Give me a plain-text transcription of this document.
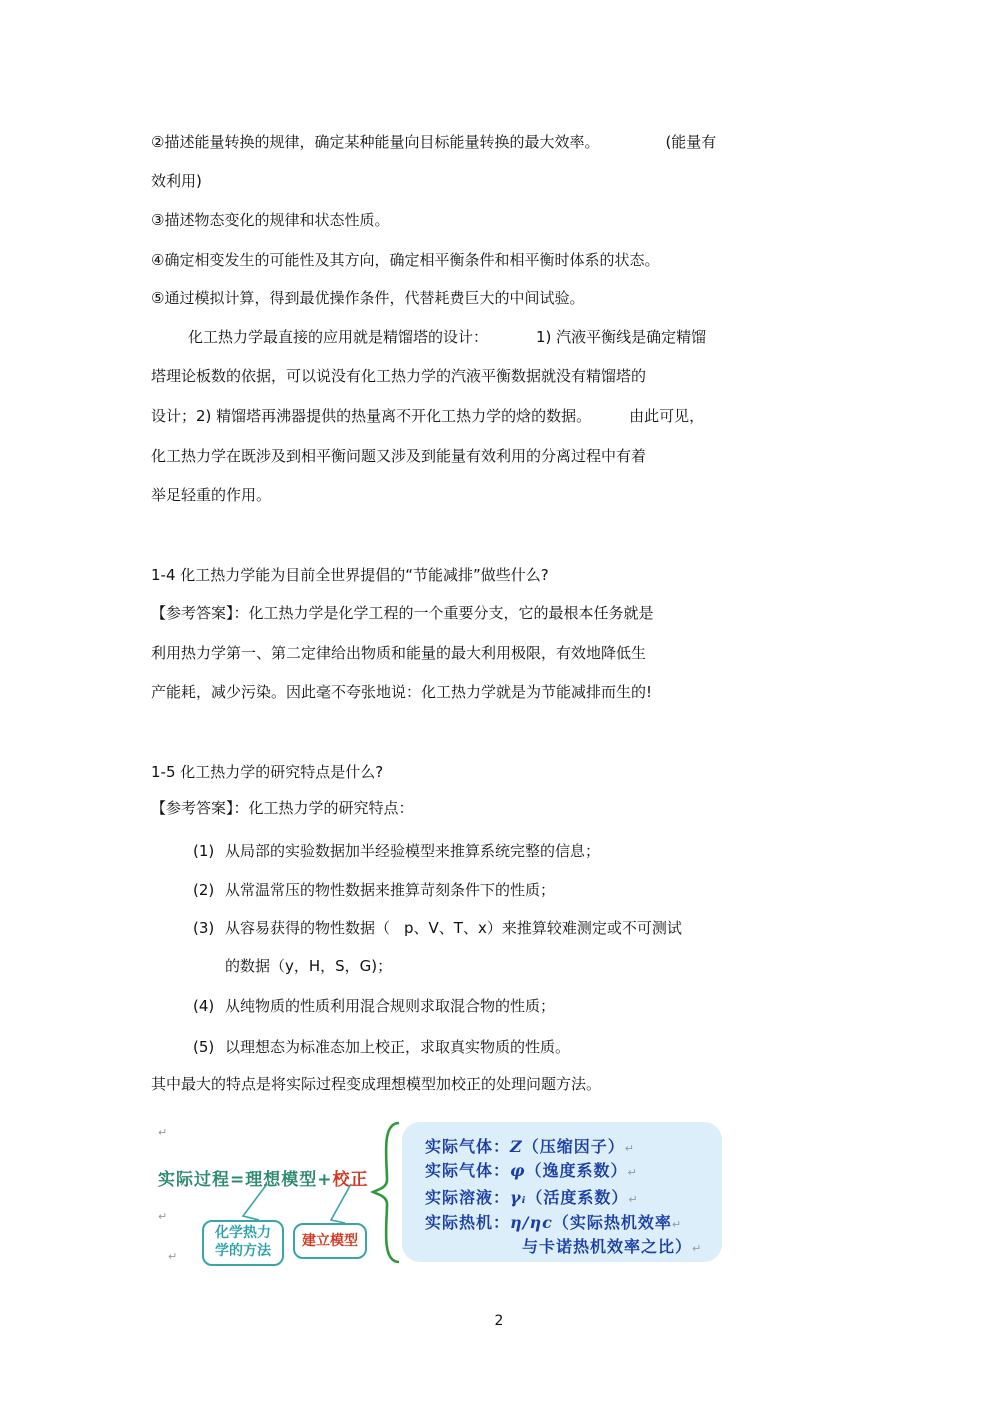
②描述能量转换的规律，确定某种能量向目标能量转换的最大效率。	(能量有
效利用)
③描述物态变化的规律和状态性质。
④确定相变发生的可能性及其方向，确定相平衡条件和相平衡时体系的状态。
⑤通过模拟计算，得到最优操作条件，代替耗费巨大的中间试验。
化工热力学最直接的应用就是精馏塔的设计：	1) 汽液平衡线是确定精馏
塔理论板数的依据，可以说没有化工热力学的汽液平衡数据就没有精馏塔的
设计；2) 精馏塔再沸器提供的热量离不开化工热力学的焓的数据。	由此可见，
化工热力学在既涉及到相平衡问题又涉及到能量有效利用的分离过程中有着
举足轻重的作用。
1-4 化工热力学能为目前全世界提倡的“节能减排”做些什么?
【参考答案】：化工热力学是化学工程的一个重要分支，它的最根本任务就是
利用热力学第一、第二定律给出物质和能量的最大利用极限，有效地降低生
产能耗，减少污染。因此毫不夸张地说：化工热力学就是为节能减排而生的!
1-5 化工热力学的研究特点是什么?
【参考答案】：化工热力学的研究特点：
(1) 从局部的实验数据加半经验模型来推算系统完整的信息；
(2) 从常温常压的物性数据来推算苛刻条件下的性质；
(3) 从容易获得的物性数据（ p、V、T、x）来推算较难测定或不可测试
的数据（y，H，S，G)；
(4) 从纯物质的性质利用混合规则求取混合物的性质；
(5) 以理想态为标准态加上校正，求取真实物质的性质。
其中最大的特点是将实际过程变成理想模型加校正的处理问题方法。
↵
↵
↵
实际过程=理想模型+校正
化学热力
学的方法
建立模型
实际气体：Z（压缩因子）↵
实际气体：φ（逸度系数）↵
实际溶液：γᵢ（活度系数）↵
实际热机：η/ηc（实际热机效率↵
与卡诺热机效率之比）↵
2
